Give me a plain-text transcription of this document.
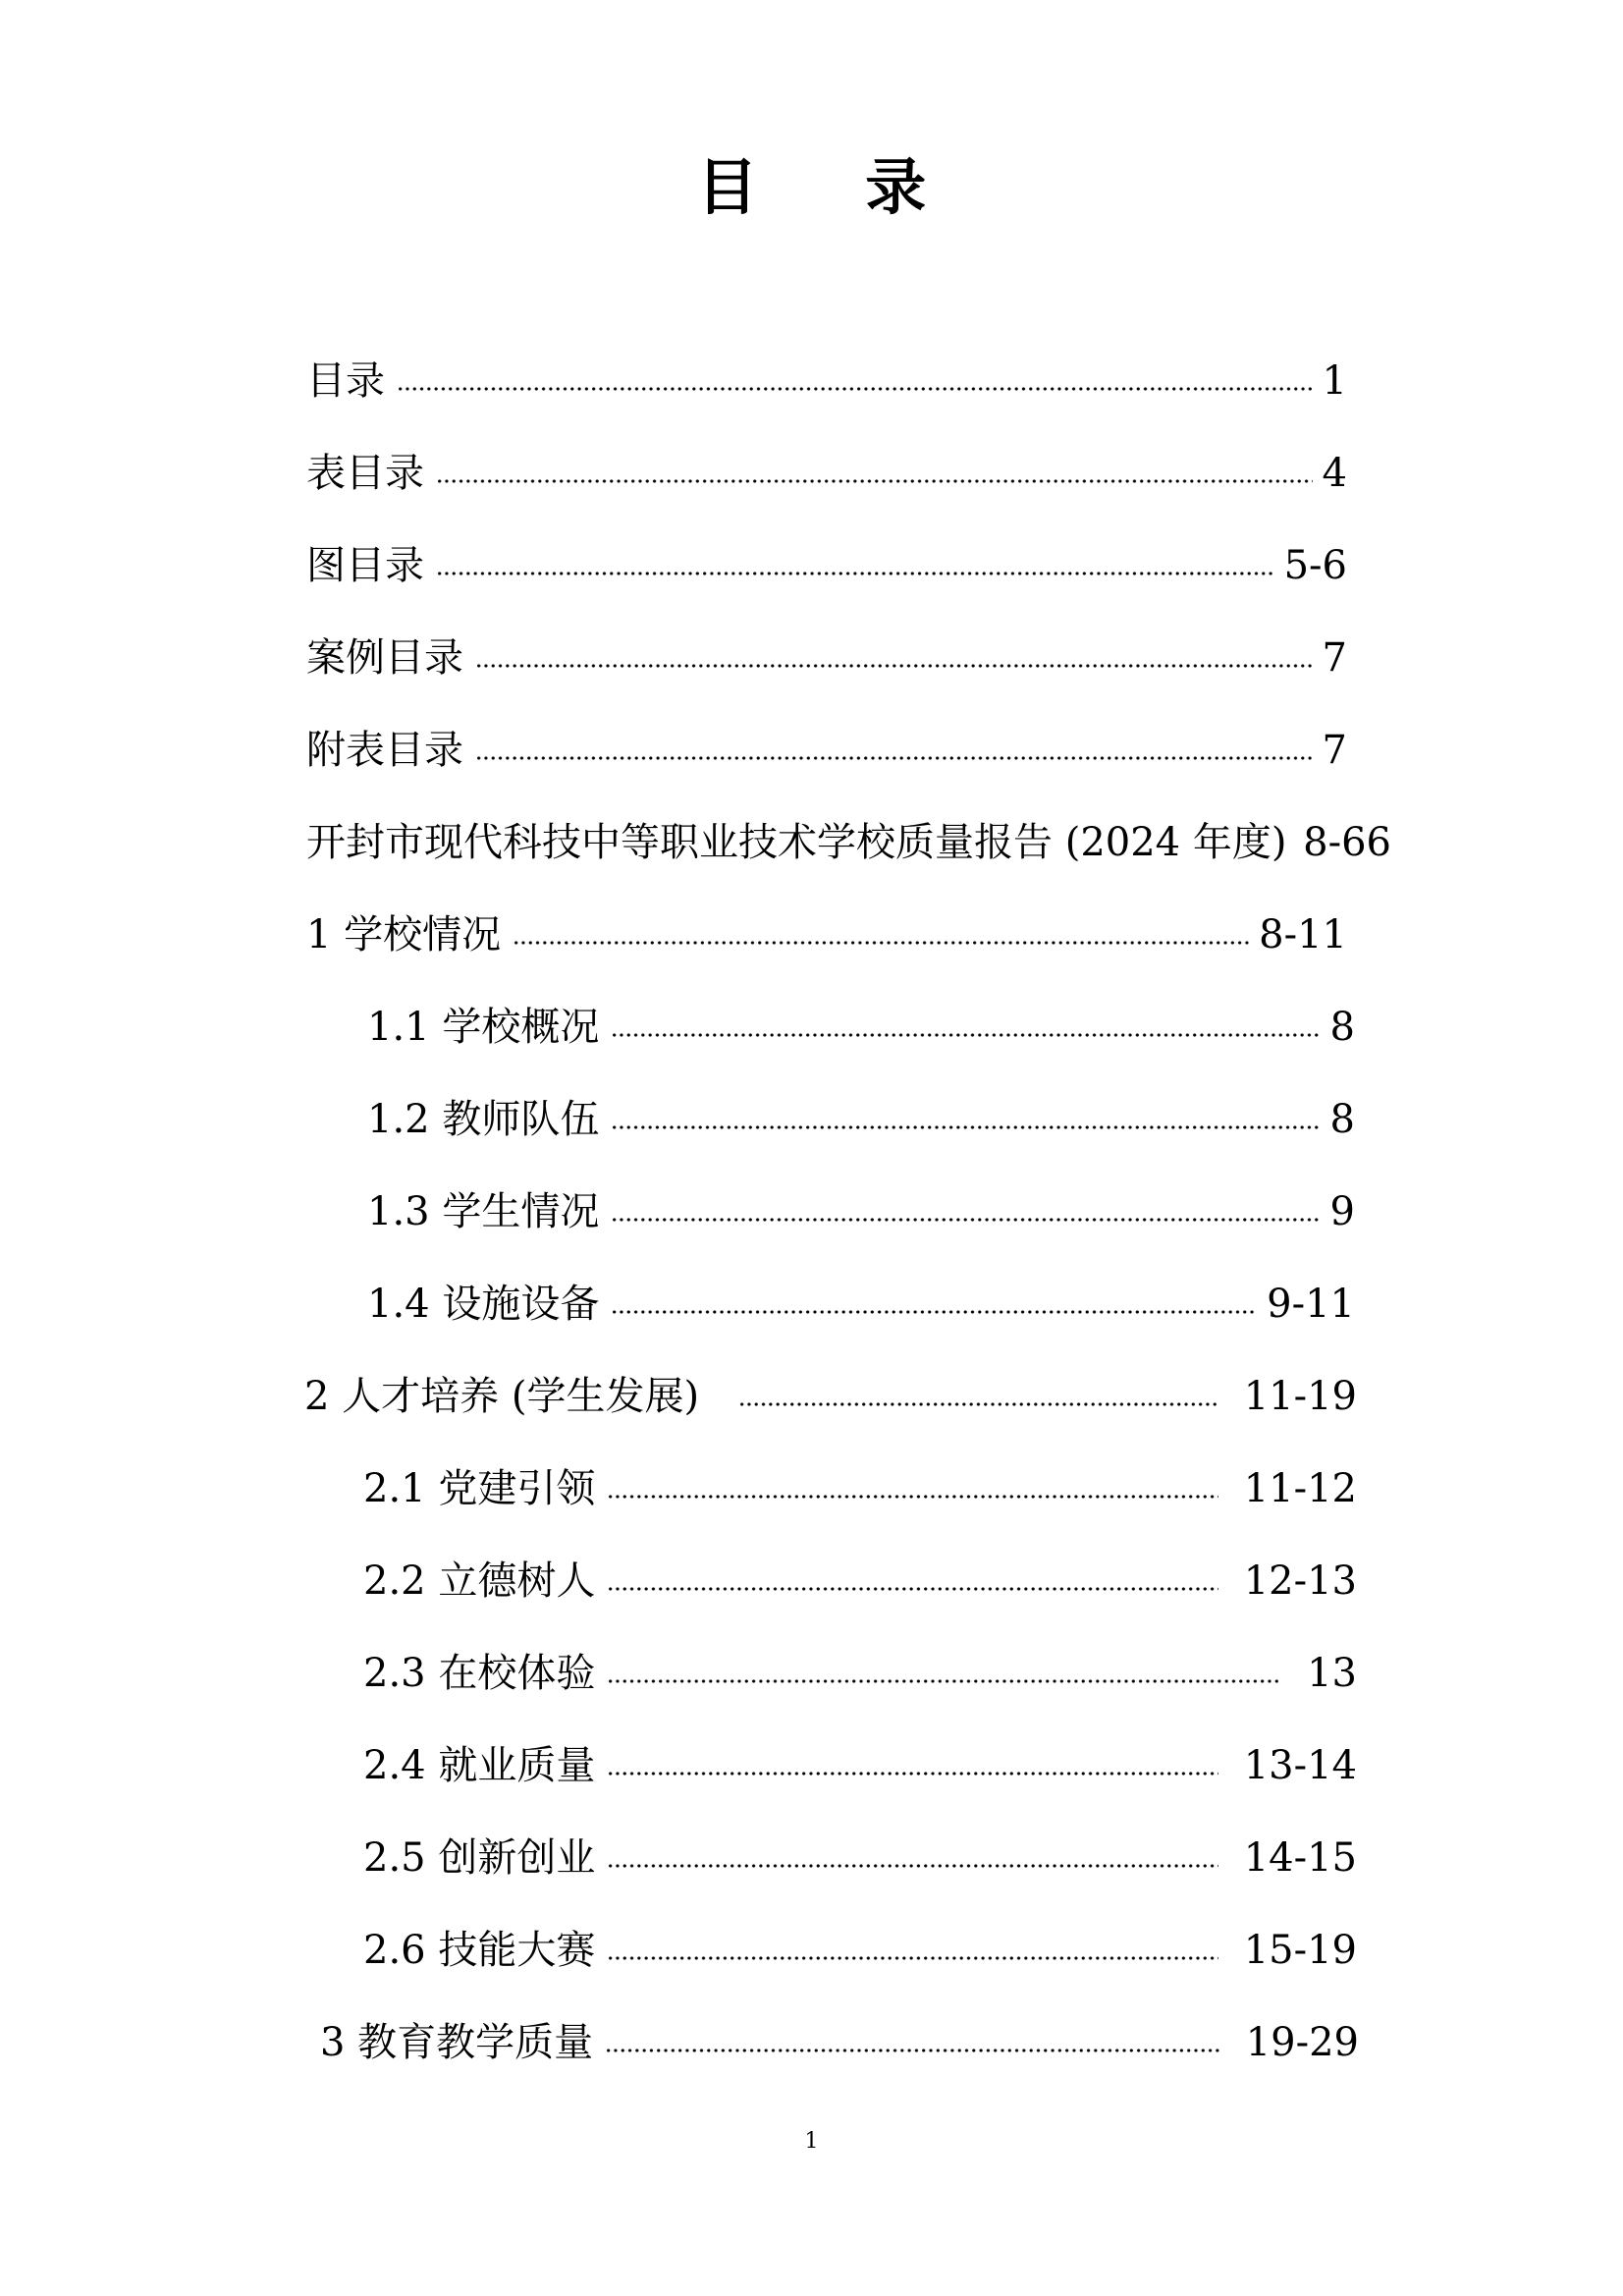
目 录
目录	1
表目录	4
图目录	5-6
案例目录	7
附表目录	7
开封市现代科技中等职业技术学校质量报告 (2024 年度) 8-66
1 学校情况	8-11
1.1 学校概况	8
1.2 教师队伍	8
1.3 学生情况	9
1.4 设施设备	9-11
2 人才培养 (学生发展)	11-19
2.1 党建引领	11-12
2.2 立德树人	12-13
2.3 在校体验	13
2.4 就业质量	13-14
2.5 创新创业	14-15
2.6 技能大赛	15-19
3 教育教学质量	19-29
1
